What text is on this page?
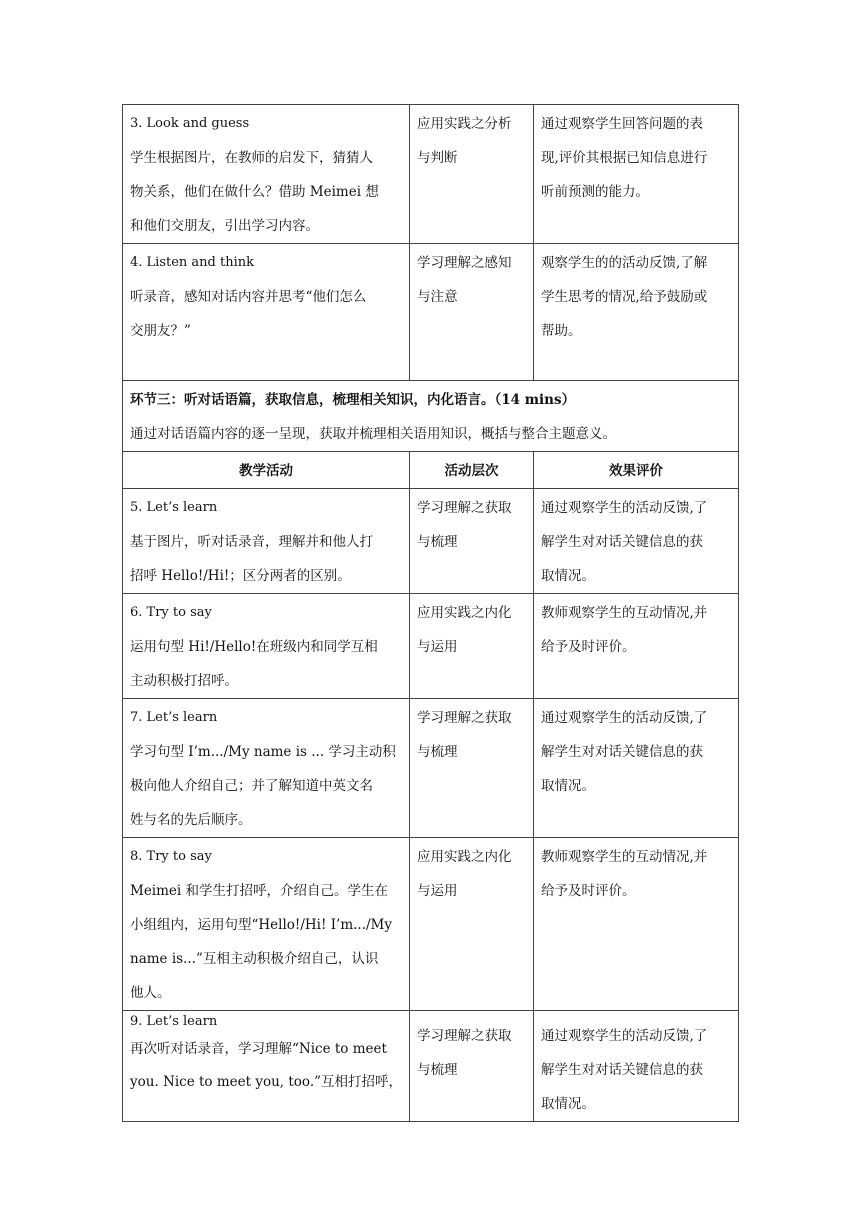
3. Look and guess
学生根据图片，在教师的启发下，猜猜人
物关系，他们在做什么？借助 Meimei 想
和他们交朋友，引出学习内容。	应用实践之分析
与判断	通过观察学生回答问题的表
现,评价其根据已知信息进行
听前预测的能力。

4. Listen and think
听录音，感知对话内容并思考“他们怎么
交朋友？”	学习理解之感知
与注意	观察学生的的活动反馈,了解
学生思考的情况,给予鼓励或
帮助。

环节三：听对话语篇，获取信息，梳理相关知识，内化语言。（14 mins）
通过对话语篇内容的逐一呈现，获取并梳理相关语用知识，概括与整合主题意义。		

教学活动	活动层次	效果评价

5. Let’s learn
基于图片，听对话录音，理解并和他人打
招呼 Hello!/Hi!；区分两者的区别。	学习理解之获取
与梳理	通过观察学生的活动反馈,了
解学生对对话关键信息的获
取情况。

6. Try to say
运用句型 Hi!/Hello!在班级内和同学互相
主动积极打招呼。	应用实践之内化
与运用	教师观察学生的互动情况,并
给予及时评价。

7. Let’s learn
学习句型 I’m.../My name is ... 学习主动积
极向他人介绍自己；并了解知道中英文名
姓与名的先后顺序。	学习理解之获取
与梳理	通过观察学生的活动反馈,了
解学生对对话关键信息的获
取情况。

8. Try to say
Meimei 和学生打招呼，介绍自己。学生在
小组组内，运用句型“Hello!/Hi! I’m.../My
name is...”互相主动积极介绍自己，认识
他人。	应用实践之内化
与运用	教师观察学生的互动情况,并
给予及时评价。

9. Let’s learn
再次听对话录音，学习理解“Nice to meet
you. Nice to meet you, too.”互相打招呼，	学习理解之获取
与梳理	通过观察学生的活动反馈,了
解学生对对话关键信息的获
取情况。
